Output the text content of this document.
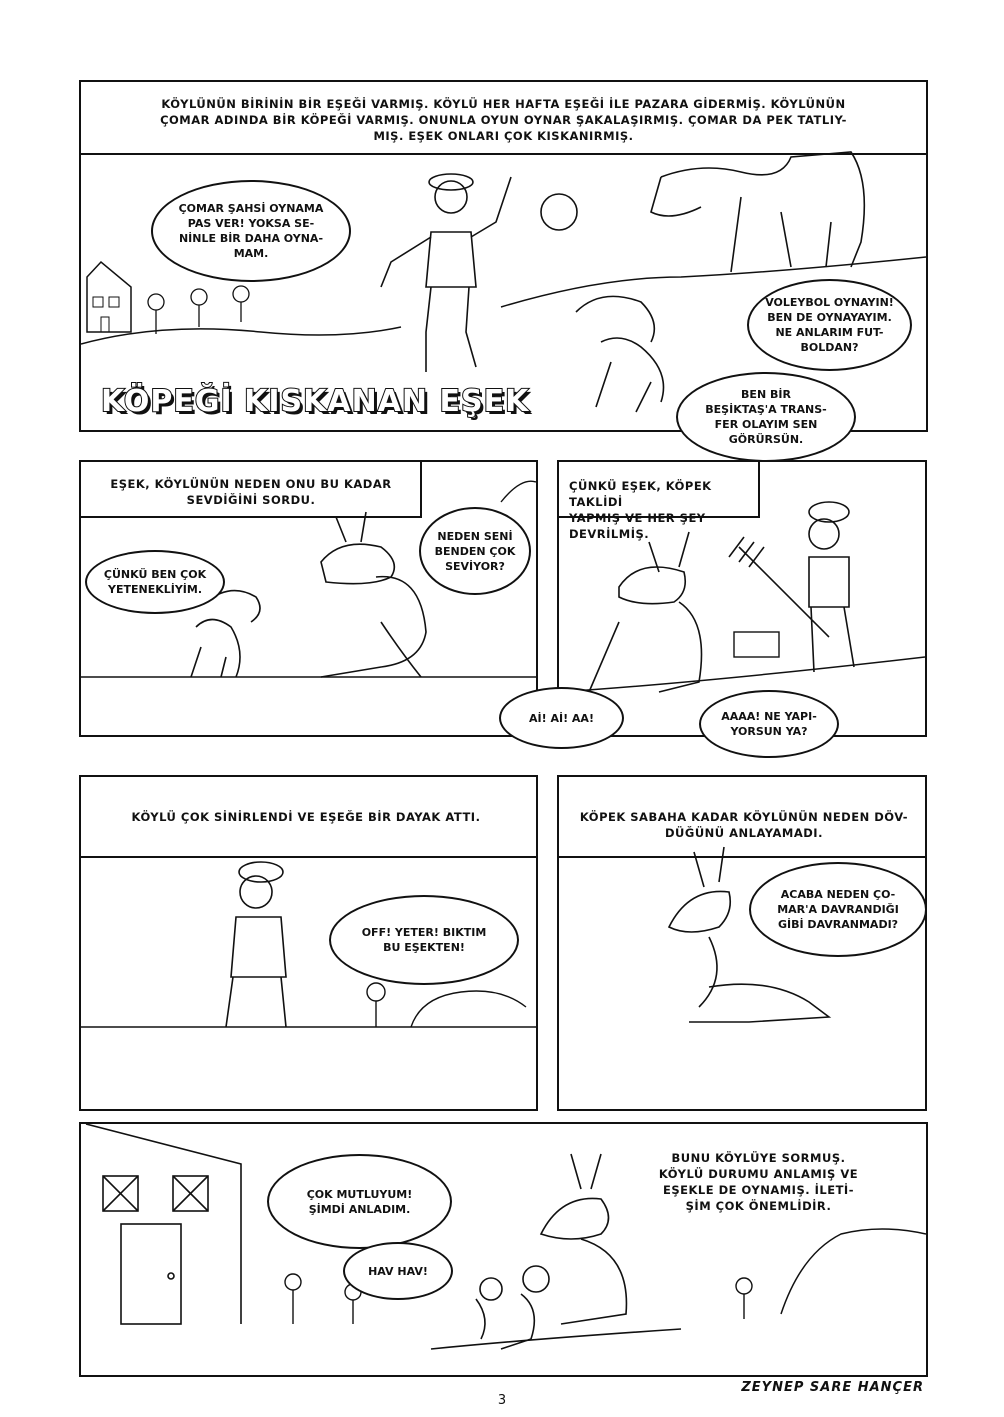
KÖYLÜNÜN BİRİNİN BİR EŞEĞİ VARMIŞ. KÖYLÜ HER HAFTA EŞEĞİ İLE PAZARA GİDERMİŞ. KÖYLÜNÜN
ÇOMAR ADINDA BİR KÖPEĞİ VARMIŞ. ONUNLA OYUN OYNAR ŞAKALAŞIRMIŞ. ÇOMAR DA PEK TATLIY-
MIŞ. EŞEK ONLARI ÇOK KISKANIRMIŞ.
ÇOMAR ŞAHSİ OYNAMA
PAS VER! YOKSA SE-
NİNLE BİR DAHA OYNA-
MAM.
VOLEYBOL OYNAYIN!
BEN DE OYNAYAYIM.
NE ANLARIM FUT-
BOLDAN?
BEN BİR
BEŞİKTAŞ'A TRANS-
FER OLAYIM SEN
GÖRÜRSÜN.
KÖPEĞİ KISKANAN EŞEK
EŞEK, KÖYLÜNÜN NEDEN ONU BU KADAR
SEVDİĞİNİ SORDU.
ÇÜNKÜ BEN ÇOK
YETENEKLİYİM.
NEDEN SENİ
BENDEN ÇOK
SEVİYOR?
ÇÜNKÜ EŞEK, KÖPEK TAKLİDİ
YAPMIŞ VE HER ŞEY DEVRİLMİŞ.
Aİ! Aİ! AA!	AAAA! NE YAPI-
YORSUN YA?
KÖYLÜ ÇOK SİNİRLENDİ VE EŞEĞE BİR DAYAK ATTI.
OFF! YETER! BIKTIM
BU EŞEKTEN!
KÖPEK SABAHA KADAR KÖYLÜNÜN NEDEN DÖV-
DÜĞÜNÜ ANLAYAMADI.
ACABA NEDEN ÇO-
MAR'A DAVRANDIĞI
GİBİ DAVRANMADI?
BUNU KÖYLÜYE SORMUŞ.
KÖYLÜ DURUMU ANLAMIŞ VE
EŞEKLE DE OYNAMIŞ. İLETİ-
ŞİM ÇOK ÖNEMLİDİR.
ÇOK MUTLUYUM!
ŞİMDİ ANLADIM.
HAV HAV!
3
ZEYNEP SARE HANÇER
